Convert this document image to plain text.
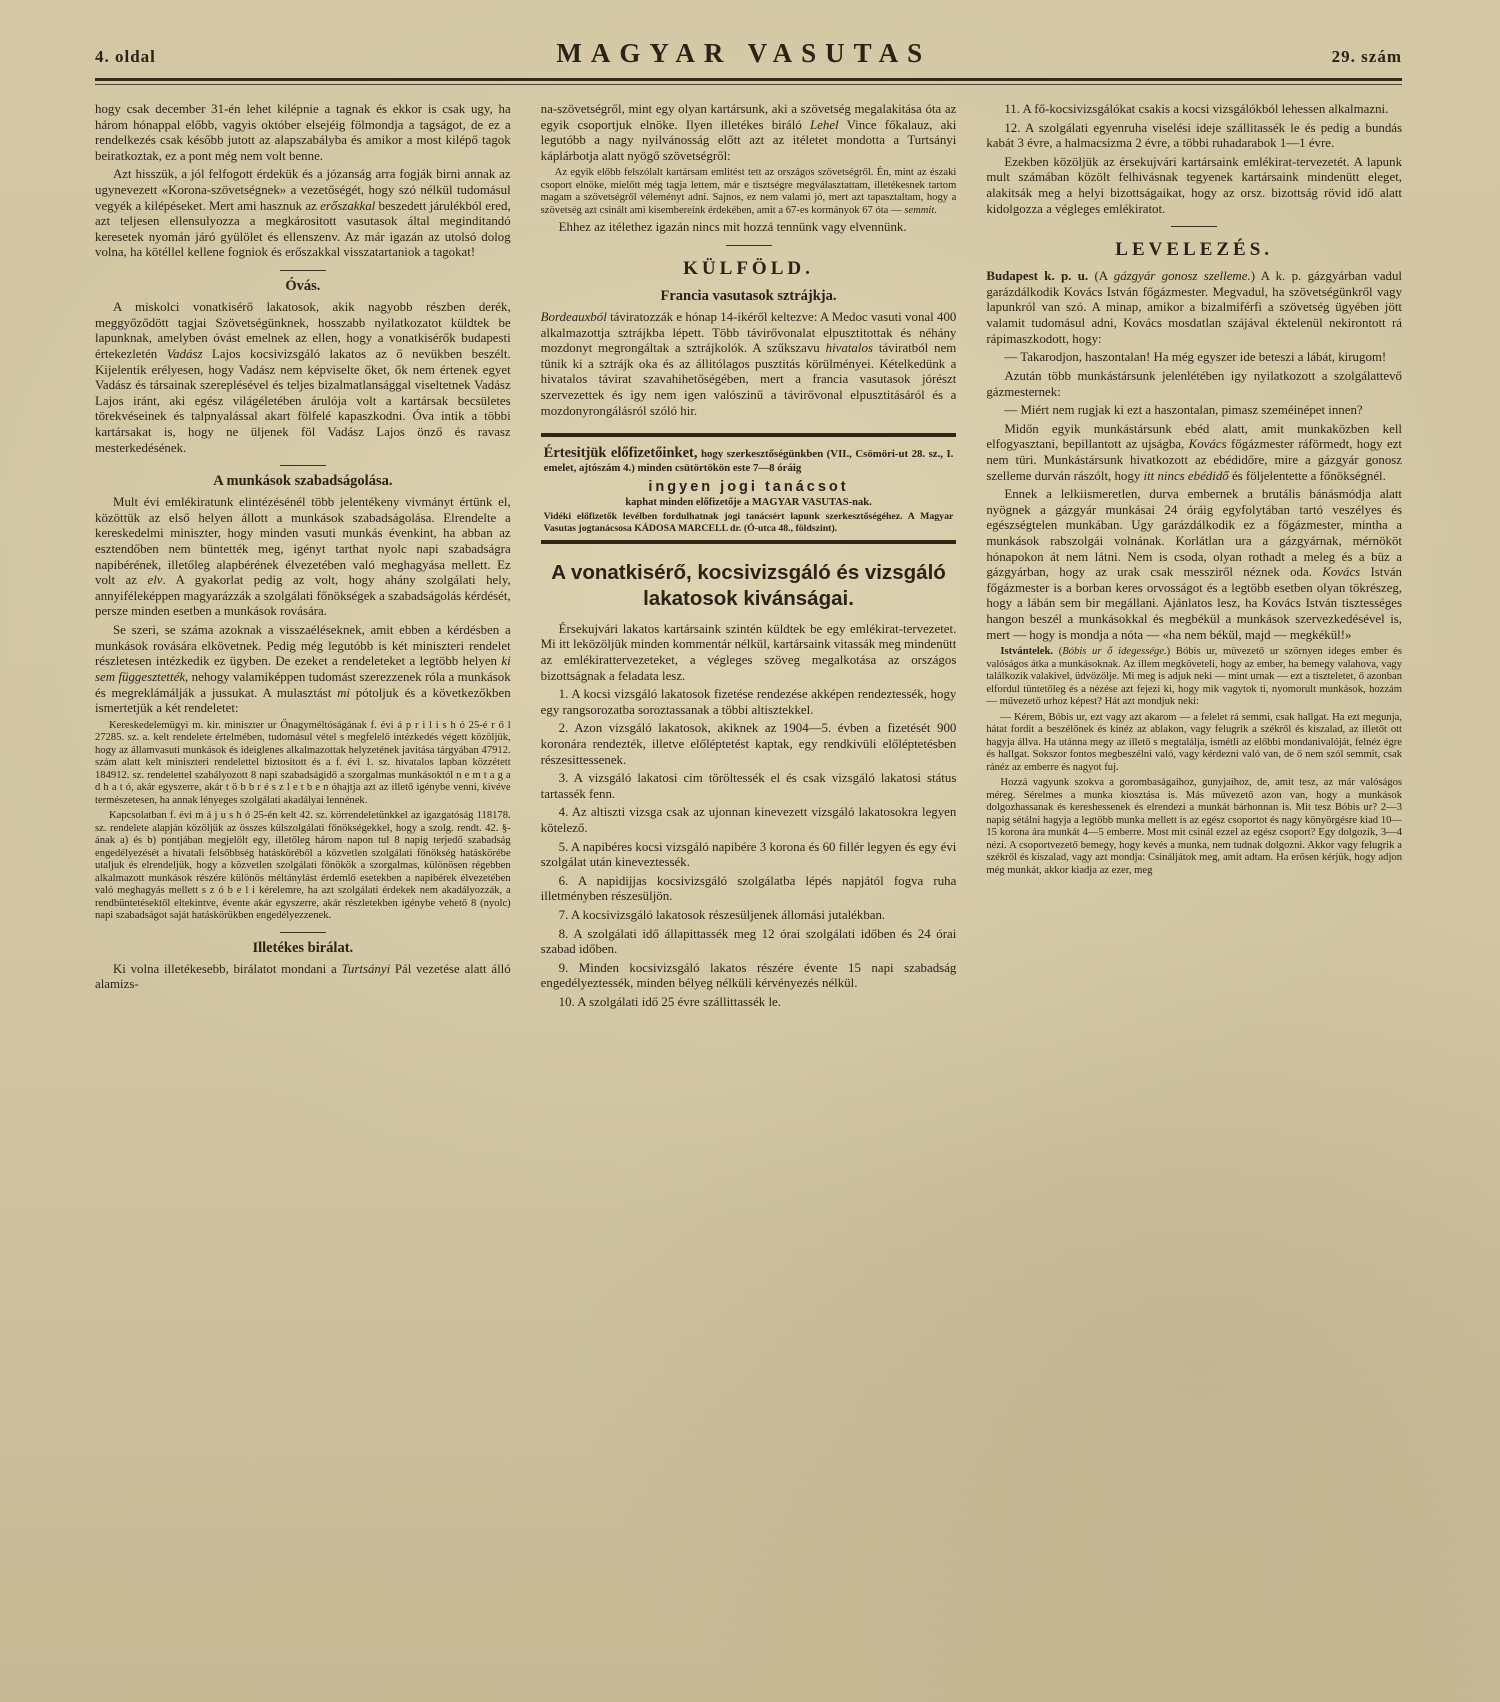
4. oldal	MAGYAR VASUTAS	29. szám
hogy csak december 31-én lehet kilépnie a tagnak és ekkor is csak ugy, ha három hónappal előbb, vagyis október elsejéig fölmondja a tagságot, de ez a rendelkezés csak később jutott az alapszabályba és amikor a most kilépő tagok beiratkoztak, ez a pont még nem volt benne.
Azt hisszük, a jól felfogott érdekük és a józanság arra fogják birni annak az ugynevezett «Korona-szövetségnek» a vezetőségét, hogy szó nélkül tudomásul vegyék a kilépéseket. Mert ami hasznuk az erőszakkal beszedett járulékból ered, azt teljesen ellensulyozza a megkárositott vasutasok által meginditandó keresetek nyomán járó gyülölet és ellenszenv. Az már igazán az utolsó dolog volna, ha kötéllel kellene fogniok és erőszakkal visszatartaniok a tagokat!
Óvás.
A miskolci vonatkisérő lakatosok, akik nagyobb részben derék, meggyőződött tagjai Szövetségünknek, hosszabb nyilatkozatot küldtek be lapunknak, amelyben óvást emelnek az ellen, hogy a vonatkisérők budapesti értekezletén Vadász Lajos kocsivizsgáló lakatos az ő nevükben beszélt. Kijelentik erélyesen, hogy Vadász nem képviselte őket, ők nem értenek egyet Vadász és társainak szereplésével és teljes bizalmatlansággal viseltetnek Vadász Lajos iránt, aki egész világéletében árulója volt a kartársak becsületes törekvéseinek és talpnyalással akart fölfelé kapaszkodni. Óva intik a többi kartársakat is, hogy ne üljenek föl Vadász Lajos önző és ravasz mesterkedésének.
A munkások szabadságolása.
Mult évi emlékiratunk elintézésénél több jelentékeny vivmányt értünk el, közöttük az első helyen állott a munkások szabadságolása. Elrendelte a kereskedelmi miniszter, hogy minden vasuti munkás évenkint, ha abban az esztendőben nem büntették meg, igényt tarthat nyolc napi szabadságra napibérének, illetőleg alapbérének élvezetében való meghagyása mellett. Ez volt az elv. A gyakorlat pedig az volt, hogy ahány szolgálati hely, annyiféleképpen magyarázzák a szolgálati főnökségek a szabadságolás kérdését, persze minden esetben a munkások rovására.
Se szeri, se száma azoknak a visszaéléseknek, amit ebben a kérdésben a munkások rovására elkövetnek. Pedig még legutóbb is két miniszteri rendelet részletesen intézkedik ez ügyben. De ezeket a rendeleteket a legtöbb helyen ki sem függesztették, nehogy valamiképpen tudomást szerezzenek róla a munkások és megreklámálják a jussukat. A mulasztást mi pótoljuk és a következőkben ismertetjük a két rendeletet:
Kereskedelemügyi m. kir. miniszter ur Őnagyméltóságának f. évi á p r i l i s h ó 25-é r ő l 27285. sz. a. kelt rendelete értelmében, tudomásul vétel s megfelelő intézkedés végett közöljük, hogy az államvasuti munkások és ideiglenes alkalmazottak helyzetének javitása tárgyában 47912. szám alatt kelt miniszteri rendelettel biztositott és a f. évi 1. sz. hivatalos lapban közzétett 184912. sz. rendelettel szabályozott 8 napi szabadságidő a szorgalmas munkásoktól n e m t a g a d h a t ó, akár egyszerre, akár t ö b b r é s z l e t b e n óhajtja azt az illető igénybe venni, kivéve természetesen, ha annak lényeges szolgálati akadályai lennének.
Kapcsolatban f. évi m á j u s h ó 25-én kelt 42. sz. körrendeletünkkel az igazgatóság 118178. sz. rendelete alapján közöljük az összes külszolgálati főnökségekkel, hogy a szolg. rendt. 42. §-ának a) és b) pontjában megjelölt egy, illetőleg három napon tul 8 napig terjedő szabadság engedélyezését a hivatali felsőbbség hatásköréből a közvetlen szolgálati főnökség hatáskörébe utaljuk és elrendeljük, hogy a közvetlen szolgálati főnökök a szorgalmas, különösen régebben alkalmazott munkások részére különös méltánylást érdemlő esetekben a napibérek élvezetében való meghagyás mellett s z ó b e l i kérelemre, ha azt szolgálati érdekek nem akadályozzák, a rendbüntetésektől eltekintve, évente akár egyszerre, akár részletekben igénybe vehető 8 (nyolc) napi szabadságot saját hatáskörükben engedélyezzenek.
Illetékes birálat.
Ki volna illetékesebb, birálatot mondani a Turtsányi Pál vezetése alatt álló alamizs-
na-szövetségről, mint egy olyan kartársunk, aki a szövetség megalakitása óta az egyik csoportjuk elnöke. Ilyen illetékes biráló Lehel Vince főkalauz, aki legutóbb a nagy nyilvánosság előtt azt az itéletet mondotta a Turtsányi káplárbotja alatt nyögő szövetségről:
Az egyik előbb felszólalt kartársam emlitést tett az országos szövetségről. Én, mint az északi csoport elnöke, mielőtt még tagja lettem, már e tisztségre megválasztattam, illetékesnek tartom magam a szövetségről véleményt adni. Sajnos, ez nem valami jó, mert azt tapasztaltam, hogy a szövetség azt csinált ami kisembereink érdekében, amit a 67-es kormányok 67 óta — semmit.
Ehhez az itélethez igazán nincs mit hozzá tennünk vagy elvennünk.
KÜLFÖLD.
Francia vasutasok sztrájkja.
Bordeauxból táviratozzák e hónap 14-ikéről keltezve: A Medoc vasuti vonal 400 alkalmazottja sztrájkba lépett. Több távirővonalat elpusztitottak és néhány mozdonyt megrongáltak a sztrájkolók. A szűkszavu hivatalos táviratból nem tünik ki a sztrájk oka és az állitólagos pusztitás körülményei. Kételkedünk a hivatalos távirat szavahihetőségében, mert a francia vasutasok jórészt szervezettek és igy nem igen valószinű a távirővonal elpusztitásáról és a mozdonyrongálásról szóló hir.
Értesitjük előfizetőinket, hogy szerkesztőségünkben (VII., Csömöri-ut 28. sz., I. emelet, ajtószám 4.) minden csütörtökön este 7—8 óráig
ingyen jogi tanácsot
kaphat minden előfizetője a MAGYAR VASUTAS-nak.
Vidéki előfizetők levélben fordulhatnak jogi tanácsért lapunk szerkesztőségéhez. A Magyar Vasutas jogtanácsosa KÁDOSA MARCELL dr. (Ó-utca 48., földszint).
A vonatkisérő, kocsivizsgáló és vizsgáló lakatosok kivánságai.
Érsekujvári lakatos kartársaink szintén küldtek be egy emlékirat-tervezetet. Mi itt leközöljük minden kommentár nélkül, kartársaink vitassák meg mindenütt az emlékirattervezeteket, a végleges szöveg megalkotása az országos bizottságnak a feladata lesz.
1. A kocsi vizsgáló lakatosok fizetése rendezése akképen rendeztessék, hogy egy rangsorozatba soroztassanak a többi altisztekkel.
2. Azon vizsgáló lakatosok, akiknek az 1904—5. évben a fizetését 900 koronára rendezték, illetve előléptetést kaptak, egy rendkivüli előléptetésben részesittessenek.
3. A vizsgáló lakatosi cim töröltessék el és csak vizsgáló lakatosi státus tartassék fenn.
4. Az altiszti vizsga csak az ujonnan kinevezett vizsgáló lakatosokra legyen kötelező.
5. A napibéres kocsi vizsgáló napibére 3 korona és 60 fillér legyen és egy évi szolgálat után kineveztessék.
6. A napidijjas kocsivizsgáló szolgálatba lépés napjától fogva ruha illetményben részesüljön.
7. A kocsivizsgáló lakatosok részesüljenek állomási jutalékban.
8. A szolgálati idő állapittassék meg 12 órai szolgálati időben és 24 órai szabad időben.
9. Minden kocsivizsgáló lakatos részére évente 15 napi szabadság engedélyeztessék, minden bélyeg nélküli kérvényezés nélkül.
10. A szolgálati idő 25 évre szállittassék le.
11. A fő-kocsivizsgálókat csakis a kocsi vizsgálókból lehessen alkalmazni.
12. A szolgálati egyenruha viselési ideje szállitassék le és pedig a bundás kabát 3 évre, a halmacsizma 2 évre, a többi ruhadarabok 1—1 évre.
Ezekben közöljük az érsekujvári kartársaink emlékirat-tervezetét. A lapunk mult számában közölt felhivásnak tegyenek kartársaink mindenütt eleget, alakitsák meg a helyi bizottságaikat, hogy az orsz. bizottság rövid idő alatt kidolgozza a végleges emlékiratot.
LEVELEZÉS.
Budapest k. p. u. (A gázgyár gonosz szelleme.) A k. p. gázgyárban vadul garázdálkodik Kovács István főgázmester. Megvadul, ha szövetségünkről vagy lapunkról van szó. A minap, amikor a bizalmiférfi a szövetség ügyében jött valamit tudomásul adni, Kovács mosdatlan szájával éktelenül nekirontott rá rápimaszkodott, hogy:
— Takarodjon, haszontalan! Ha még egyszer ide beteszi a lábát, kirugom!
Azután több munkástársunk jelenlétében igy nyilatkozott a szolgálattevő gázmesternek:
— Miért nem rugjak ki ezt a haszontalan, pimasz szeméinépet innen?
Midőn egyik munkástársunk ebéd alatt, amit munkaközben kell elfogyasztani, bepillantott az ujságba, Kovács főgázmester ráförmedt, hogy ezt nem türi. Munkástársunk hivatkozott az ebédidőre, mire a gázgyár gonosz szelleme durván rászólt, hogy itt nincs ebédidő és följelentette a főnökségnél.
Ennek a lelkiismeretlen, durva embernek a brutális bánásmódja alatt nyögnek a gázgyár munkásai 24 óráig egyfolytában tartó veszélyes és egészségtelen munkában. Ugy garázdálkodik ez a főgázmester, mintha a munkások rabszolgái volnának. Korlátlan ura a gázgyárnak, mérnököt hónapokon át nem látni. Nem is csoda, olyan rothadt a meleg és a büz a gázgyárban, hogy az urak csak messziről néznek oda. Kovács István főgázmester is a borban keres orvosságot és a legtöbb esetben olyan tökrészeg, hogy a lábán sem bir megállani. Ajánlatos lesz, ha Kovács István tisztességes hangon beszél a munkásokkal és megbékül a munkások szervezkedésével is, mert — hogy is mondja a nóta — «ha nem békül, majd — megkékül!»
Istvántelek. (Bóbis ur ő idegessége.) Bóbis ur, müvezető ur szörnyen ideges ember és valóságos átka a munkásoknak. Az illem megköveteli, hogy az ember, ha bemegy valahova, vagy találkozik valakivel, üdvözölje. Mi meg is adjuk neki — mint urnak — ezt a tiszteletet, ő azonban elfordul tüntetőleg és a nézése azt fejezi ki, hogy mik vagytok ti, nyomorult munkások, hozzám — művezető urhoz képest? Hát azt mondjuk neki:
— Kérem, Bóbis ur, ezt vagy azt akarom — a felelet rá semmi, csak hallgat. Ha ezt megunja, hátat fordit a beszélőnek és kinéz az ablakon, vagy felugrik a székről és kiszalad, az illetőt ott hagyja állva. Ha utánna megy az illető s megtalálja, ismétli az előbbi mondanivalóját, felnéz égre és hallgat. Sokszor fontos megbeszélni való, vagy kérdezni való van, de ő nem szól semmit, csak ránéz az emberre és nagyot fuj.
Hozzá vagyunk szokva a gorombaságaihoz, gunyjaihoz, de, amit tesz, az már valóságos méreg. Sérelmes a munka kiosztása is. Más művezető azon van, hogy a munkások dolgozhassanak és kereshessenek és elrendezi a munkát bárhonnan is. Mit tesz Bóbis ur? 2—3 napig sétálni hagyja a legtöbb munka mellett is az egész csoportot és nagy könyörgésre kiad 10—15 korona ára munkát 4—5 emberre. Most mit csinál ezzel az egész csoport? Egy dolgozik, 3—4 nézi. A csoportvezető bemegy, hogy kevés a munka, nem tudnak dolgozni. Akkor vagy felugrik a székről és kiszalad, vagy azt mondja: Csináljátok meg, amit adtam. Ha erősen kérjük, hogy adjon még munkát, akkor kiadja az ezer, meg
